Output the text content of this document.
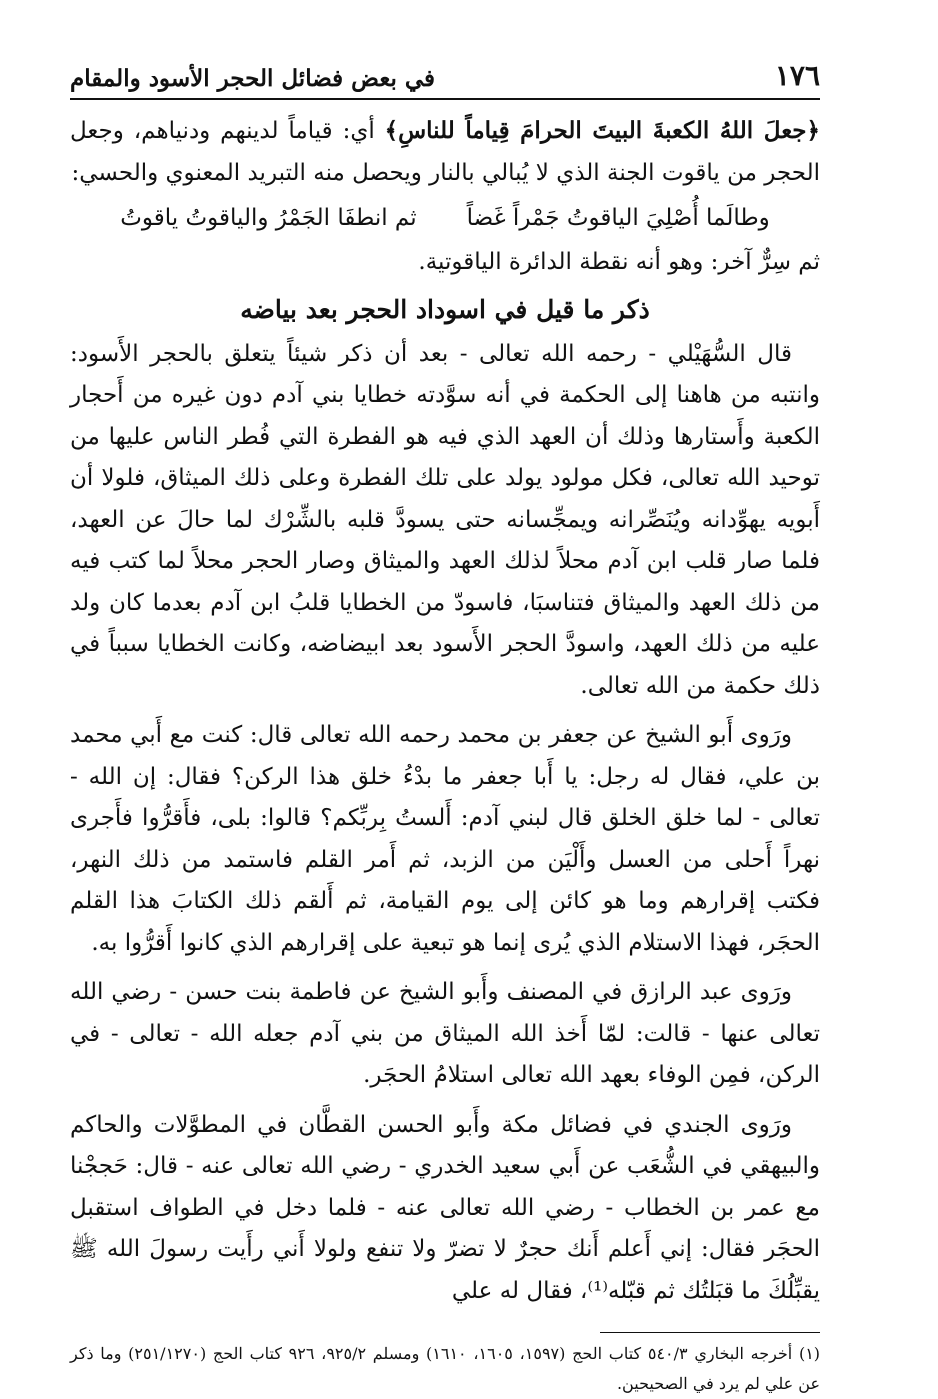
١٧٦
في بعض فضائل الحجر الأسود والمقام

﴿جعلَ اللهُ الكعبةَ البيتَ الحرامَ قِياماً للناسِ﴾ أي: قياماً لدينهم ودنياهم، وجعل الحجر من ياقوت الجنة الذي لا يُبالي بالنار ويحصل منه التبريد المعنوي والحسي:

وطالَما أُصْلِيَ الياقوتُ جَمْراً غَضاً
ثم انطفَا الجَمْرُ والياقوتُ ياقوتُ

ثم سِرٌّ آخر: وهو أنه نقطة الدائرة الياقوتية.

ذكر ما قيل في اسوداد الحجر بعد بياضه

قال السُّهَيْلي - رحمه الله تعالى - بعد أن ذكر شيئاً يتعلق بالحجر الأَسود: وانتبه من هاهنا إلى الحكمة في أنه سوَّدته خطايا بني آدم دون غيره من أَحجار الكعبة وأَستارها وذلك أن العهد الذي فيه هو الفطرة التي فُطر الناس عليها من توحيد الله تعالى، فكل مولود يولد على تلك الفطرة وعلى ذلك الميثاق، فلولا أن أَبويه يهوِّدانه ويُنَصِّرانه ويمجِّسانه حتى يسودَّ قلبه بالشِّرْك لما حالَ عن العهد، فلما صار قلب ابن آدم محلاً لذلك العهد والميثاق وصار الحجر محلاً لما كتب فيه من ذلك العهد والميثاق فتناسبَا، فاسودّ من الخطايا قلبُ ابن آدم بعدما كان ولد عليه من ذلك العهد، واسودَّ الحجر الأَسود بعد ابيضاضه، وكانت الخطايا سبباً في ذلك حكمة من الله تعالى.

ورَوى أَبو الشيخ عن جعفر بن محمد رحمه الله تعالى قال: كنت مع أَبي محمد بن علي، فقال له رجل: يا أَبا جعفر ما بدْءُ خلق هذا الركن؟ فقال: إن الله - تعالى - لما خلق الخلق قال لبني آدم: أَلستُ بِربِّكم؟ قالوا: بلى، فأَقرُّوا فأَجرى نهراً أَحلى من العسل وأَلْيَن من الزبد، ثم أَمر القلم فاستمد من ذلك النهر، فكتب إقرارهم وما هو كائن إلى يوم القيامة، ثم أَلقم ذلك الكتابَ هذا القلم الحجَر، فهذا الاستلام الذي يُرى إنما هو تبعية على إقرارهم الذي كانوا أَقرُّوا به.

ورَوى عبد الرازق في المصنف وأَبو الشيخ عن فاطمة بنت حسن - رضي الله تعالى عنها - قالت: لمّا أَخذ الله الميثاق من بني آدم جعله الله - تعالى - في الركن، فمِن الوفاء بعهد الله تعالى استلامُ الحجَر.

ورَوى الجندي في فضائل مكة وأَبو الحسن القطَّان في المطوَّلات والحاكم والبيهقي في الشُّعَب عن أَبي سعيد الخدري - رضي الله تعالى عنه - قال: حَججْنا مع عمر بن الخطاب - رضي الله تعالى عنه - فلما دخل في الطواف استقبل الحجَر فقال: إني أَعلم أَنك حجرٌ لا تضرّ ولا تنفع ولولا أَني رأَيت رسولَ الله ﷺ يقبِّلُكَ ما قبَلتُك ثم قبّله⁽¹⁾، فقال له علي

(١) أخرجه البخاري ٥٤٠/٣ كتاب الحج (١٥٩٧، ١٦٠٥، ١٦١٠) ومسلم ٩٢٥/٢، ٩٢٦ كتاب الحج (٢٥١/١٢٧٠) وما ذكر عن علي لم يرد في الصحيحين.
